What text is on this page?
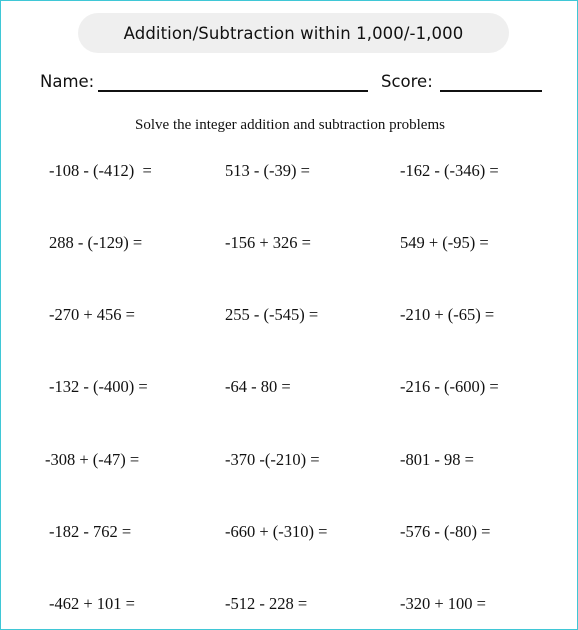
Addition/Subtraction within 1,000/-1,000
Name:	Score:
Solve the integer addition and subtraction problems
-108 - (-412)  =	513 - (-39) =	-162 - (-346) =
288 - (-129) =	-156 + 326 =	549 + (-95) =
-270 + 456 =	255 - (-545) =	-210 + (-65) =
-132 - (-400) =	-64 - 80 =	-216 - (-600) =
-308 + (-47) =	-370 -(-210) =	-801 - 98 =
-182 - 762 =	-660 + (-310) =	-576 - (-80) =
-462 + 101 =	-512 - 228 =	-320 + 100 =
